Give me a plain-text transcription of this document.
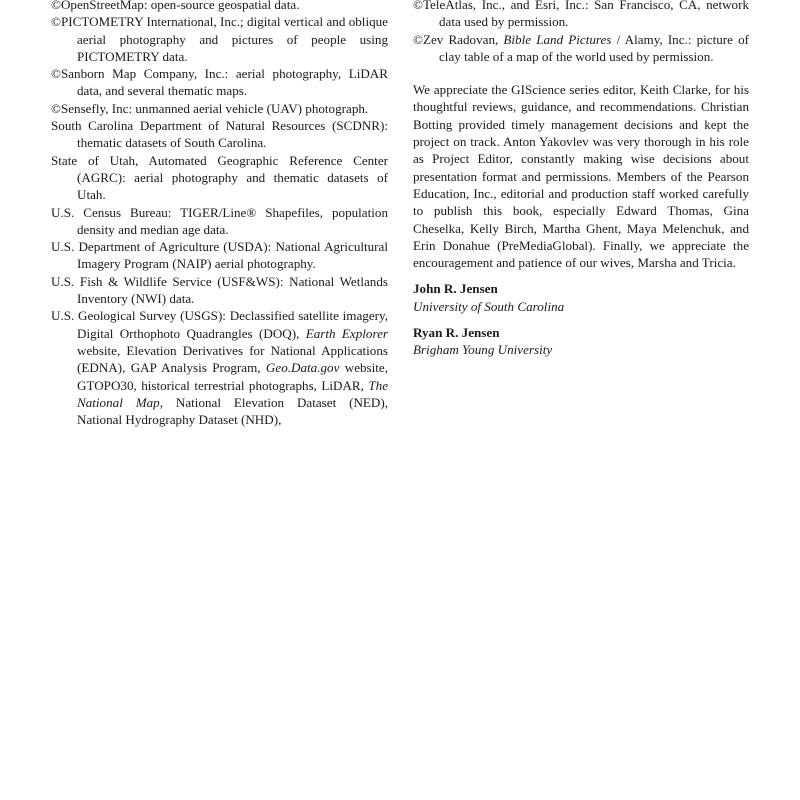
©OpenStreetMap: open-source geospatial data.

©PICTOMETRY International, Inc.; digital vertical and oblique aerial photography and pictures of people using PICTOMETRY data.

©Sanborn Map Company, Inc.: aerial photography, LiDAR data, and several thematic maps.

©Sensefly, Inc: unmanned aerial vehicle (UAV) photograph.

South Carolina Department of Natural Resources (SCDNR): thematic datasets of South Carolina.

State of Utah, Automated Geographic Reference Center (AGRC): aerial photography and thematic datasets of Utah.

U.S. Census Bureau: TIGER/Line® Shapefiles, population density and median age data.

U.S. Department of Agriculture (USDA): National Agricultural Imagery Program (NAIP) aerial photography.

U.S. Fish & Wildlife Service (USF&WS): National Wetlands Inventory (NWI) data.

U.S. Geological Survey (USGS): Declassified satellite imagery, Digital Orthophoto Quadrangles (DOQ), Earth Explorer website, Elevation Derivatives for National Applications (EDNA), GAP Analysis Program, Geo.Data.gov website, GTOPO30, historical terrestrial photographs, LiDAR, The National Map, National Elevation Dataset (NED), National Hydrography Dataset (NHD),

©TeleAtlas, Inc., and Esri, Inc.: San Francisco, CA, network data used by permission.

©Zev Radovan, Bible Land Pictures / Alamy, Inc.: picture of clay table of a map of the world used by permission.

We appreciate the GIScience series editor, Keith Clarke, for his thoughtful reviews, guidance, and recommendations. Christian Botting provided timely management decisions and kept the project on track. Anton Yakovlev was very thorough in his role as Project Editor, constantly making wise decisions about presentation format and permissions. Members of the Pearson Education, Inc., editorial and production staff worked carefully to publish this book, especially Edward Thomas, Gina Cheselka, Kelly Birch, Martha Ghent, Maya Melenchuk, and Erin Donahue (PreMediaGlobal). Finally, we appreciate the encouragement and patience of our wives, Marsha and Tricia.

John R. Jensen

University of South Carolina

Ryan R. Jensen

Brigham Young University
